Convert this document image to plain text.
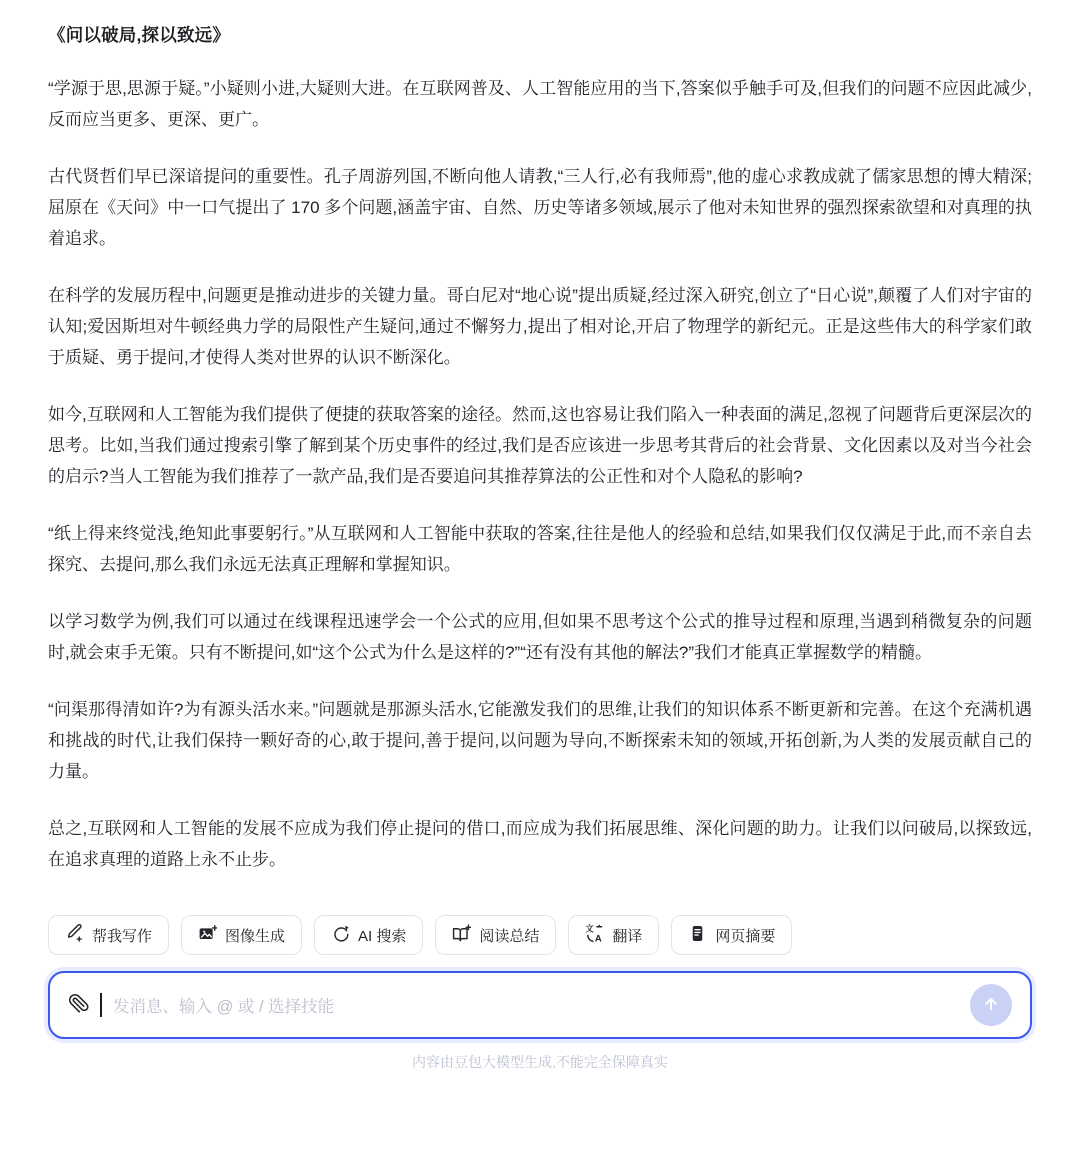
《问以破局,探以致远》

“学源于思,思源于疑。”小疑则小进,大疑则大进。在互联网普及、人工智能应用的当下,答案似乎触手可及,但我们的问题不应因此减少,反而应当更多、更深、更广。

古代贤哲们早已深谙提问的重要性。孔子周游列国,不断向他人请教,“三人行,必有我师焉”,他的虚心求教成就了儒家思想的博大精深;屈原在《天问》中一口气提出了 170 多个问题,涵盖宇宙、自然、历史等诸多领域,展示了他对未知世界的强烈探索欲望和对真理的执着追求。

在科学的发展历程中,问题更是推动进步的关键力量。哥白尼对“地心说”提出质疑,经过深入研究,创立了“日心说”,颠覆了人们对宇宙的认知;爱因斯坦对牛顿经典力学的局限性产生疑问,通过不懈努力,提出了相对论,开启了物理学的新纪元。正是这些伟大的科学家们敢于质疑、勇于提问,才使得人类对世界的认识不断深化。

如今,互联网和人工智能为我们提供了便捷的获取答案的途径。然而,这也容易让我们陷入一种表面的满足,忽视了问题背后更深层次的思考。比如,当我们通过搜索引擎了解到某个历史事件的经过,我们是否应该进一步思考其背后的社会背景、文化因素以及对当今社会的启示?当人工智能为我们推荐了一款产品,我们是否要追问其推荐算法的公正性和对个人隐私的影响?

“纸上得来终觉浅,绝知此事要躬行。”从互联网和人工智能中获取的答案,往往是他人的经验和总结,如果我们仅仅满足于此,而不亲自去探究、去提问,那么我们永远无法真正理解和掌握知识。

以学习数学为例,我们可以通过在线课程迅速学会一个公式的应用,但如果不思考这个公式的推导过程和原理,当遇到稍微复杂的问题时,就会束手无策。只有不断提问,如“这个公式为什么是这样的?”“还有没有其他的解法?”我们才能真正掌握数学的精髓。

“问渠那得清如许?为有源头活水来。”问题就是那源头活水,它能激发我们的思维,让我们的知识体系不断更新和完善。在这个充满机遇和挑战的时代,让我们保持一颗好奇的心,敢于提问,善于提问,以问题为导向,不断探索未知的领域,开拓创新,为人类的发展贡献自己的力量。

总之,互联网和人工智能的发展不应成为我们停止提问的借口,而应成为我们拓展思维、深化问题的助力。让我们以问破局,以探致远,在追求真理的道路上永不止步。

帮我写作	图像生成	AI 搜索	阅读总结	文
A 翻译	网页摘要
发消息、输入 @ 或 / 选择技能
内容由豆包大模型生成,不能完全保障真实
